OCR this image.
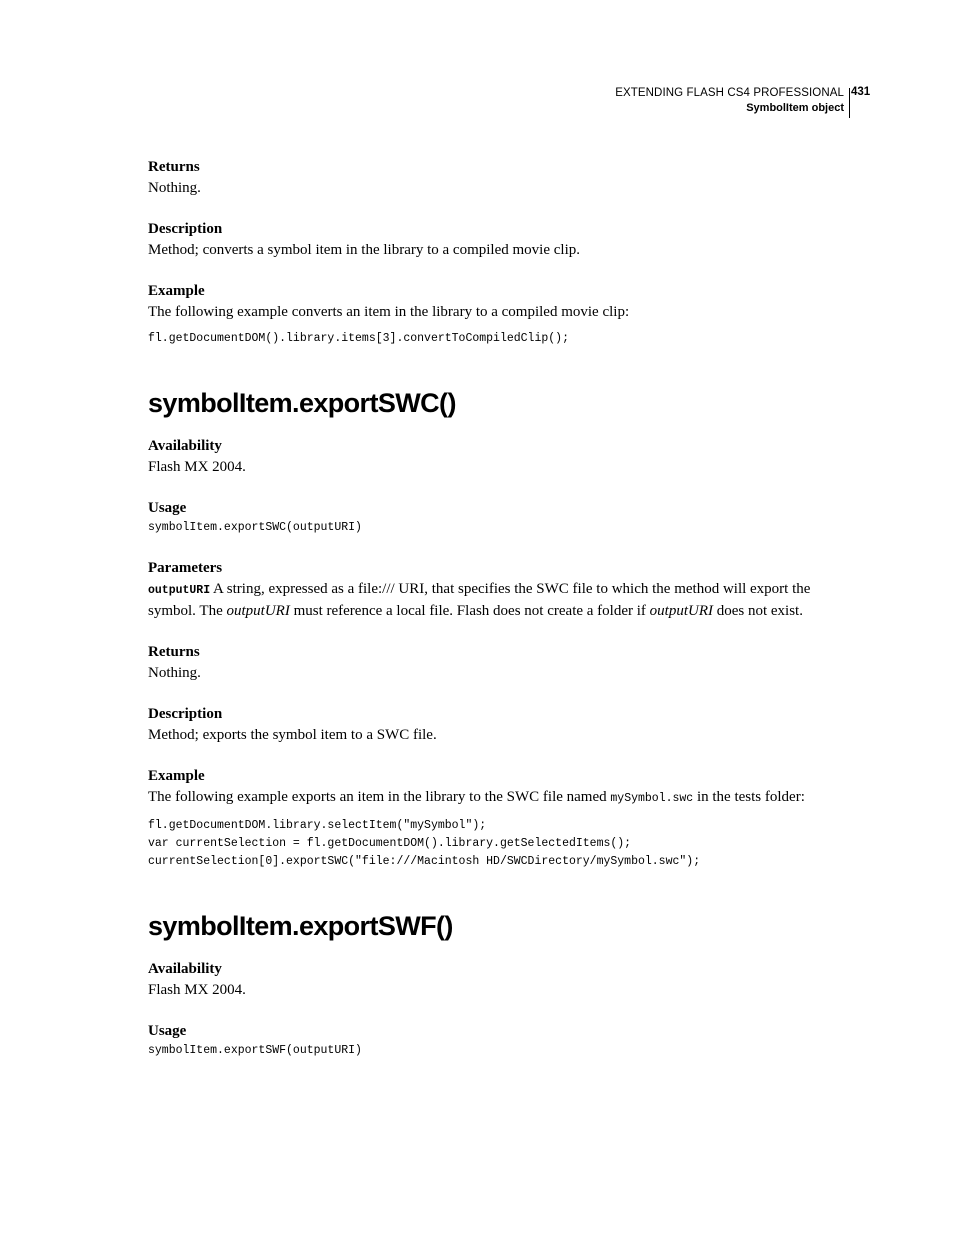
EXTENDING FLASH CS4 PROFESSIONAL
SymbolItem object
431

Returns

Nothing.

Description

Method; converts a symbol item in the library to a compiled movie clip.

Example

The following example converts an item in the library to a compiled movie clip:

fl.getDocumentDOM().library.items[3].convertToCompiledClip();

symbolItem.exportSWC()

Availability

Flash MX 2004.

Usage

symbolItem.exportSWC(outputURI)

Parameters

outputURI A string, expressed as a file:/// URI, that specifies the SWC file to which the method will export the symbol. The outputURI must reference a local file. Flash does not create a folder if outputURI does not exist.

Returns

Nothing.

Description

Method; exports the symbol item to a SWC file.

Example

The following example exports an item in the library to the SWC file named mySymbol.swc in the tests folder:

fl.getDocumentDOM.library.selectItem("mySymbol");
var currentSelection = fl.getDocumentDOM().library.getSelectedItems();
currentSelection[0].exportSWC("file:///Macintosh HD/SWCDirectory/mySymbol.swc");

symbolItem.exportSWF()

Availability

Flash MX 2004.

Usage

symbolItem.exportSWF(outputURI)
